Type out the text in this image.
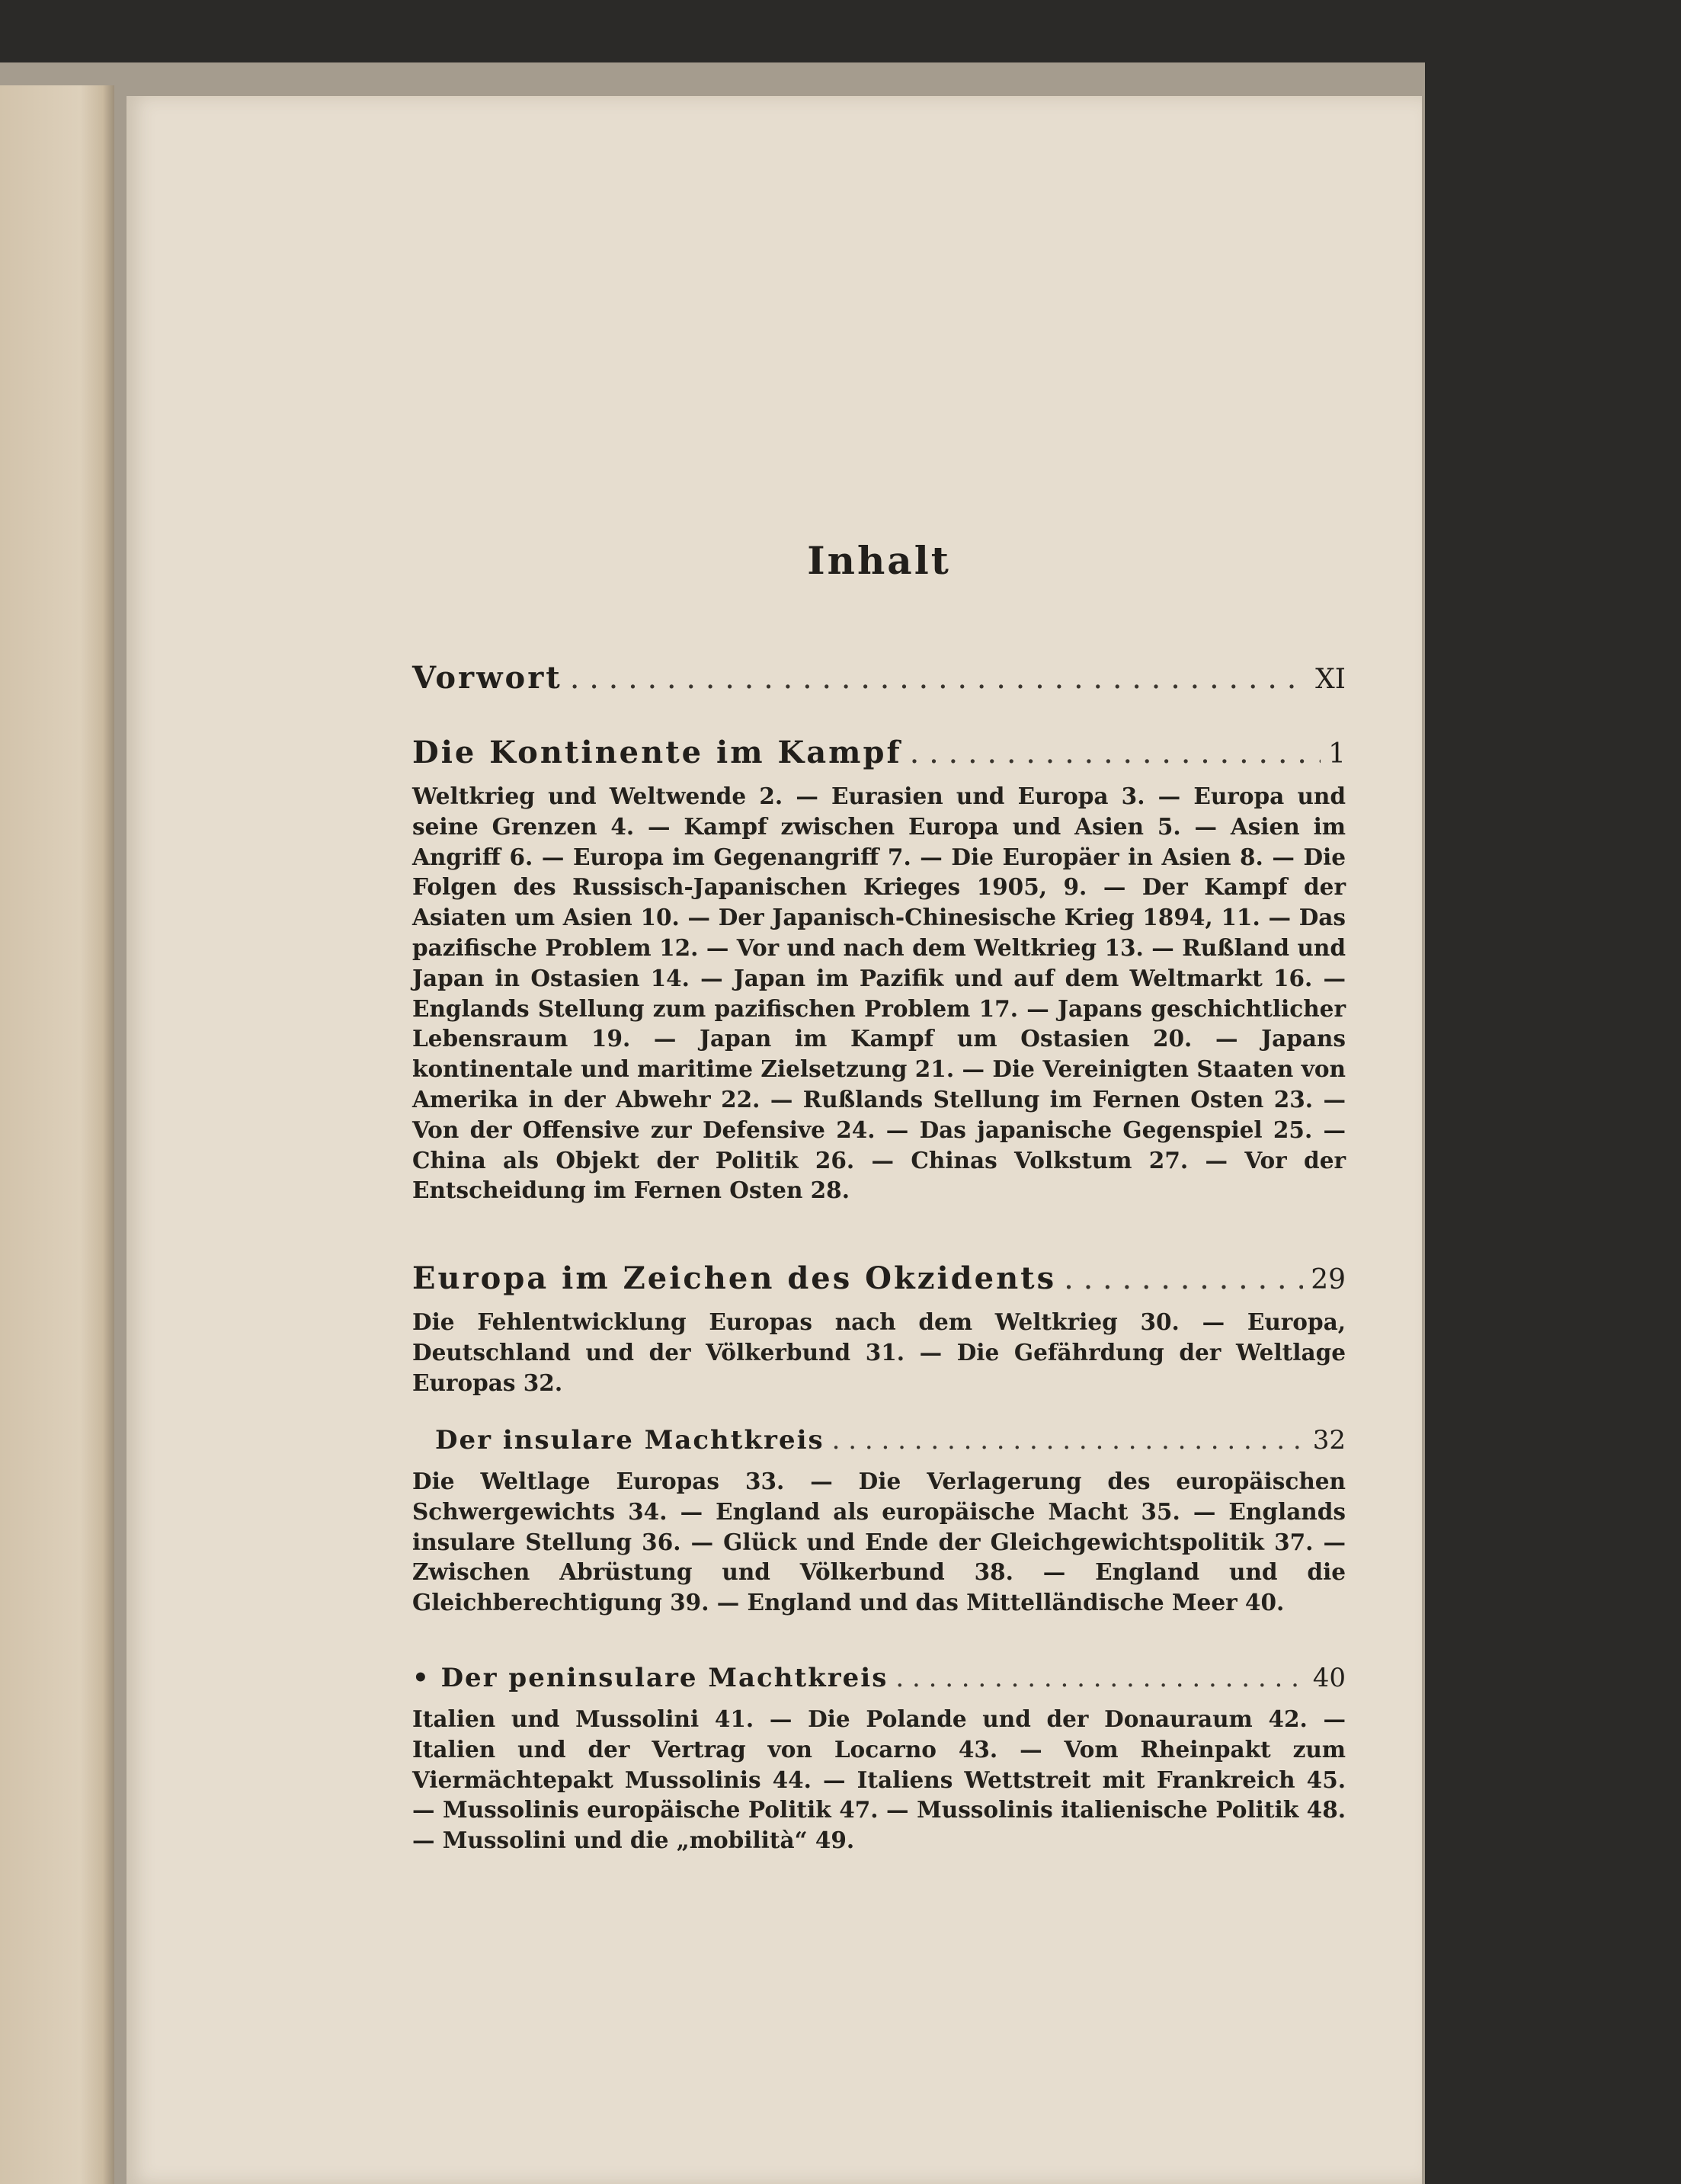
Inhalt
Vorwort . . .	XI
Die Kontinente im Kampf . . .	1
Weltkrieg und Weltwende 2. — Eurasien und Europa 3. — Europa und seine Grenzen 4. — Kampf zwischen Europa und Asien 5. — Asien im Angriff 6. — Europa im Gegenangriff 7. — Die Europäer in Asien 8. — Die Folgen des Russisch-Japanischen Krieges 1905, 9. — Der Kampf der Asiaten um Asien 10. — Der Japanisch-Chinesische Krieg 1894, 11. — Das pazifische Problem 12. — Vor und nach dem Weltkrieg 13. — Rußland und Japan in Ostasien 14. — Japan im Pazifik und auf dem Weltmarkt 16. — Englands Stellung zum pazifischen Problem 17. — Japans geschichtlicher Lebensraum 19. — Japan im Kampf um Ostasien 20. — Japans kontinentale und maritime Zielsetzung 21. — Die Vereinigten Staaten von Amerika in der Abwehr 22. — Rußlands Stellung im Fernen Osten 23. — Von der Offensive zur Defensive 24. — Das japanische Gegenspiel 25. — China als Objekt der Politik 26. — Chinas Volkstum 27. — Vor der Entscheidung im Fernen Osten 28.
Europa im Zeichen des Okzidents . . .	29
Die Fehlentwicklung Europas nach dem Weltkrieg 30. — Europa, Deutschland und der Völkerbund 31. — Die Gefährdung der Weltlage Europas 32.
Der insulare Machtkreis . . .	32
Die Weltlage Europas 33. — Die Verlagerung des europäischen Schwergewichts 34. — England als europäische Macht 35. — Englands insulare Stellung 36. — Glück und Ende der Gleichgewichtspolitik 37. — Zwischen Abrüstung und Völkerbund 38. — England und die Gleichberechtigung 39. — England und das Mittelländische Meer 40.
• Der peninsulare Machtkreis . . .	40
Italien und Mussolini 41. — Die Polande und der Donauraum 42. — Italien und der Vertrag von Locarno 43. — Vom Rheinpakt zum Viermächtepakt Mussolinis 44. — Italiens Wettstreit mit Frankreich 45. — Mussolinis europäische Politik 47. — Mussolinis italienische Politik 48. — Mussolini und die „mobilità“ 49.
